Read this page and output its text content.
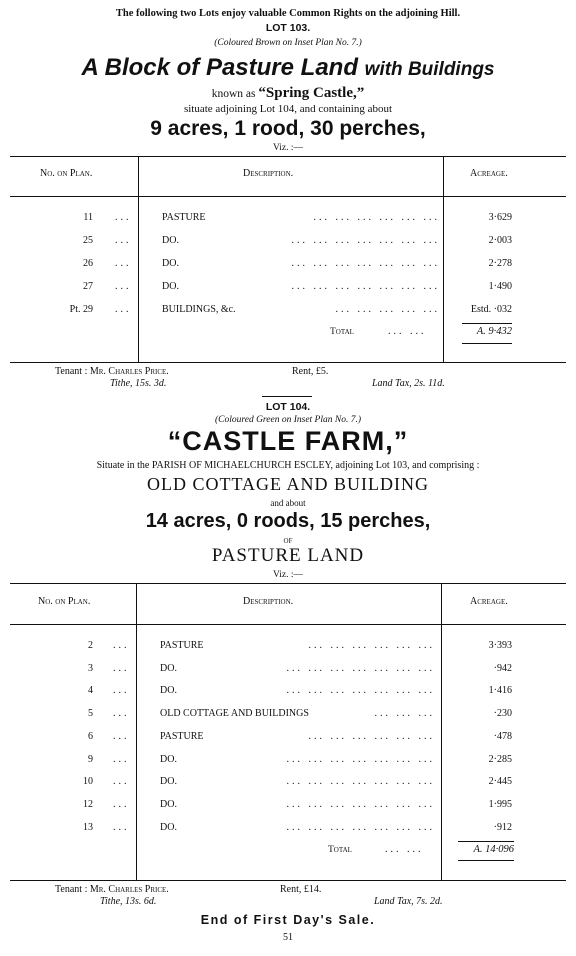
The following two Lots enjoy valuable Common Rights on the adjoining Hill.
LOT 103.
(Coloured Brown on Inset Plan No. 7.)
A Block of Pasture Land with Buildings
known as “Spring Castle,”
situate adjoining Lot 104, and containing about
9 acres, 1 rood, 30 perches,
Viz. :—
No. on Plan.	Description.	Acreage.
11 ...	PASTURE	... ... ... ... ... ...	3·629
25 ...	DO.	... ... ... ... ... ... ...	2·003
26 ...	DO.	... ... ... ... ... ... ...	2·278
27 ...	DO.	... ... ... ... ... ... ...	1·490
Pt. 29 ...	BUILDINGS, &c.	... ... ... ... ...	Estd. ·032
Total	... ...	A. 9·432
Tenant : Mr. Charles Price.	Rent, £5.
Tithe, 15s. 3d.	Land Tax, 2s. 11d.
LOT 104.
(Coloured Green on Inset Plan No. 7.)
“CASTLE FARM,”
Situate in the PARISH OF MICHAELCHURCH ESCLEY, adjoining Lot 103, and comprising :
OLD COTTAGE AND BUILDING
and about
14 acres, 0 roods, 15 perches,
OF
PASTURE LAND
Viz. :—
No. on Plan.	Description.	Acreage.
2 ...	PASTURE	... ... ... ... ... ...	3·393
3 ...	DO.	... ... ... ... ... ... ...	·942
4 ...	DO.	... ... ... ... ... ... ...	1·416
5 ...	OLD COTTAGE AND BUILDINGS	... ... ...	·230
6 ...	PASTURE	... ... ... ... ... ...	·478
9 ...	DO.	... ... ... ... ... ... ...	2·285
10 ...	DO.	... ... ... ... ... ... ...	2·445
12 ...	DO.	... ... ... ... ... ... ...	1·995
13 ...	DO.	... ... ... ... ... ... ...	·912
Total	... ...	A. 14·096
Tenant : Mr. Charles Price.	Rent, £14.
Tithe, 13s. 6d.	Land Tax, 7s. 2d.
End of First Day's Sale.
51
